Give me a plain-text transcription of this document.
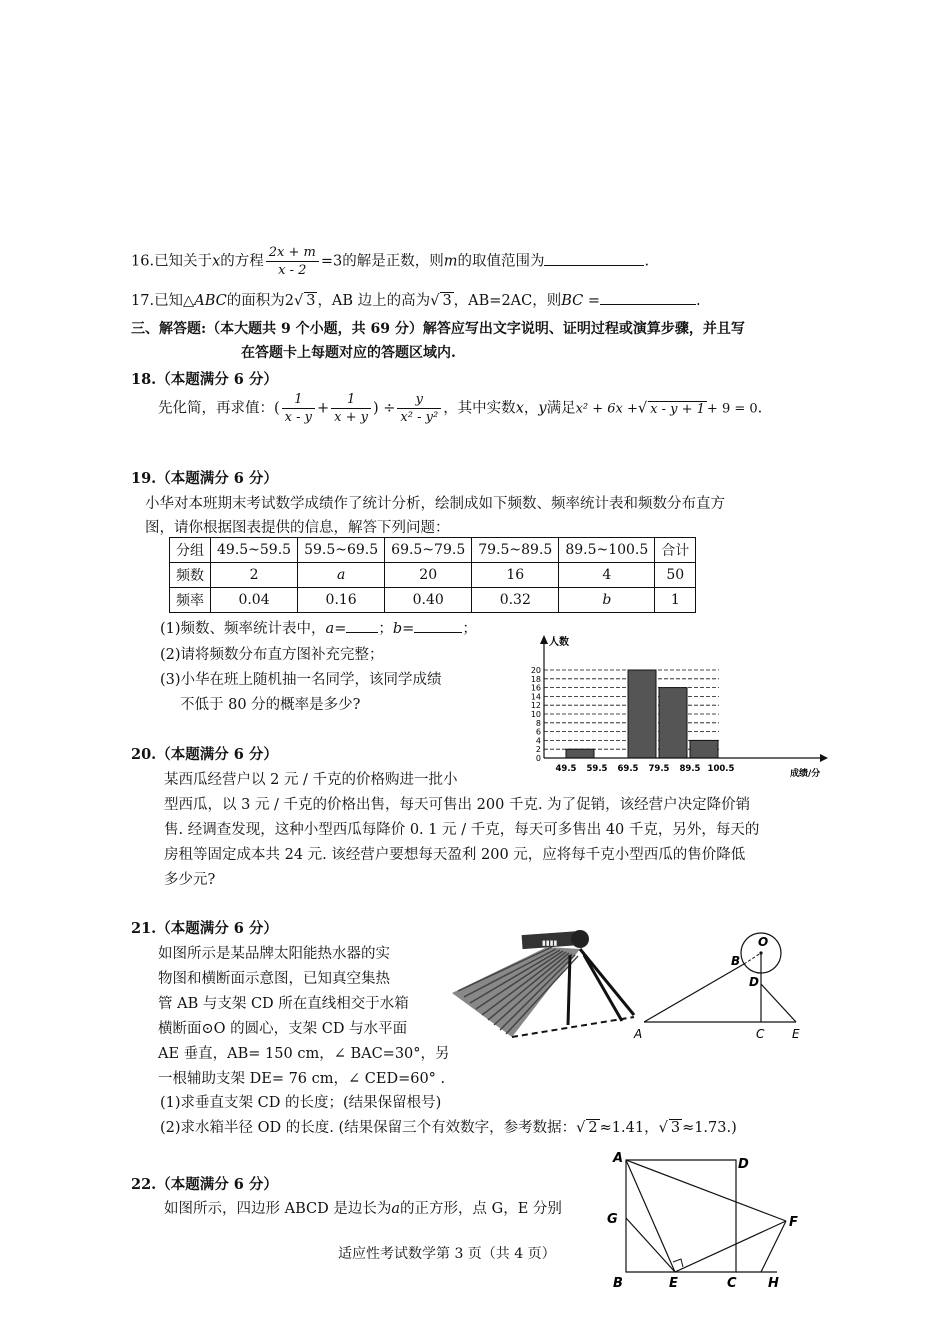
16.已知关于x的方程 $\frac{2x + m}{x - 2} =3$的解是正数，则m的取值范围为	.
17.已知△ABC的面积为2√ 3 ，AB 边上的高为√ 3 ，AB=2AC，则BC =	.
三、解答题:（本大题共 9 个小题，共 69 分）解答应写出文字说明、证明过程或演算步骤，并且写
在答题卡上每题对应的答题区域内.
18.（本题满分 6 分）
先化简，再求值：( $\frac{1}{x - y} + \frac{1}{x + y}$ ) ÷ $\frac{y}{\text{x² - y²}}$ ，其中实数x，y满足x² + 6x +√ x - y + 1 + 9 = 0.
19.（本题满分 6 分）
小华对本班期末考试数学成绩作了统计分析，绘制成如下频数、频率统计表和频数分布直方
图，请你根据图表提供的信息，解答下列问题：
分组	49.5~59.5	59.5~69.5	69.5~79.5	79.5~89.5	89.5~100.5	合计
频数	2	a	20	16	4	50
频率	0.04	0.16	0.40	0.32	b	1
(1)频数、频率统计表中，a= ；b=	；
(2)请将频数分布直方图补充完整；
(3)小华在班上随机抽一名同学，该同学成绩
不低于 80 分的概率是多少?
0
2
4
6
8
10
12
14
16
18
20
49.5 59.5 69.5 79.5 89.5 100.5
人数
成绩/分
20.（本题满分 6 分）
某西瓜经营户以 2 元 / 千克的价格购进一批小
型西瓜，以 3 元 / 千克的价格出售，每天可售出 200 千克. 为了促销，该经营户决定降价销
售. 经调查发现，这种小型西瓜每降价 0. 1 元 / 千克，每天可多售出 40 千克，另外，每天的
房租等固定成本共 24 元. 该经营户要想每天盈利 200 元，应将每千克小型西瓜的售价降低
多少元?
21.（本题满分 6 分）
如图所示是某品牌太阳能热水器的实
物图和横断面示意图，已知真空集热
管 AB 与支架 CD 所在直线相交于水箱
横断面⊙O 的圆心，支架 CD 与水平面
AE 垂直，AB= 150 cm，∠ BAC=30°，另
一根辅助支架 DE= 76 cm，∠ CED=60° .
(1)求垂直支架 CD 的长度；(结果保留根号)
(2)求水箱半径 OD 的长度. (结果保留三个有效数字，参考数据：√ 2 ≈1.41，√ 3 ≈1.73.)
▮▮▮▮	O
B
D
A	C E
22.（本题满分 6 分）
如图所示，四边形 ABCD 是边长为a的正方形，点 G，E 分别
A	D
G	F
B	E	C H
适应性考试数学第 3 页（共 4 页）
